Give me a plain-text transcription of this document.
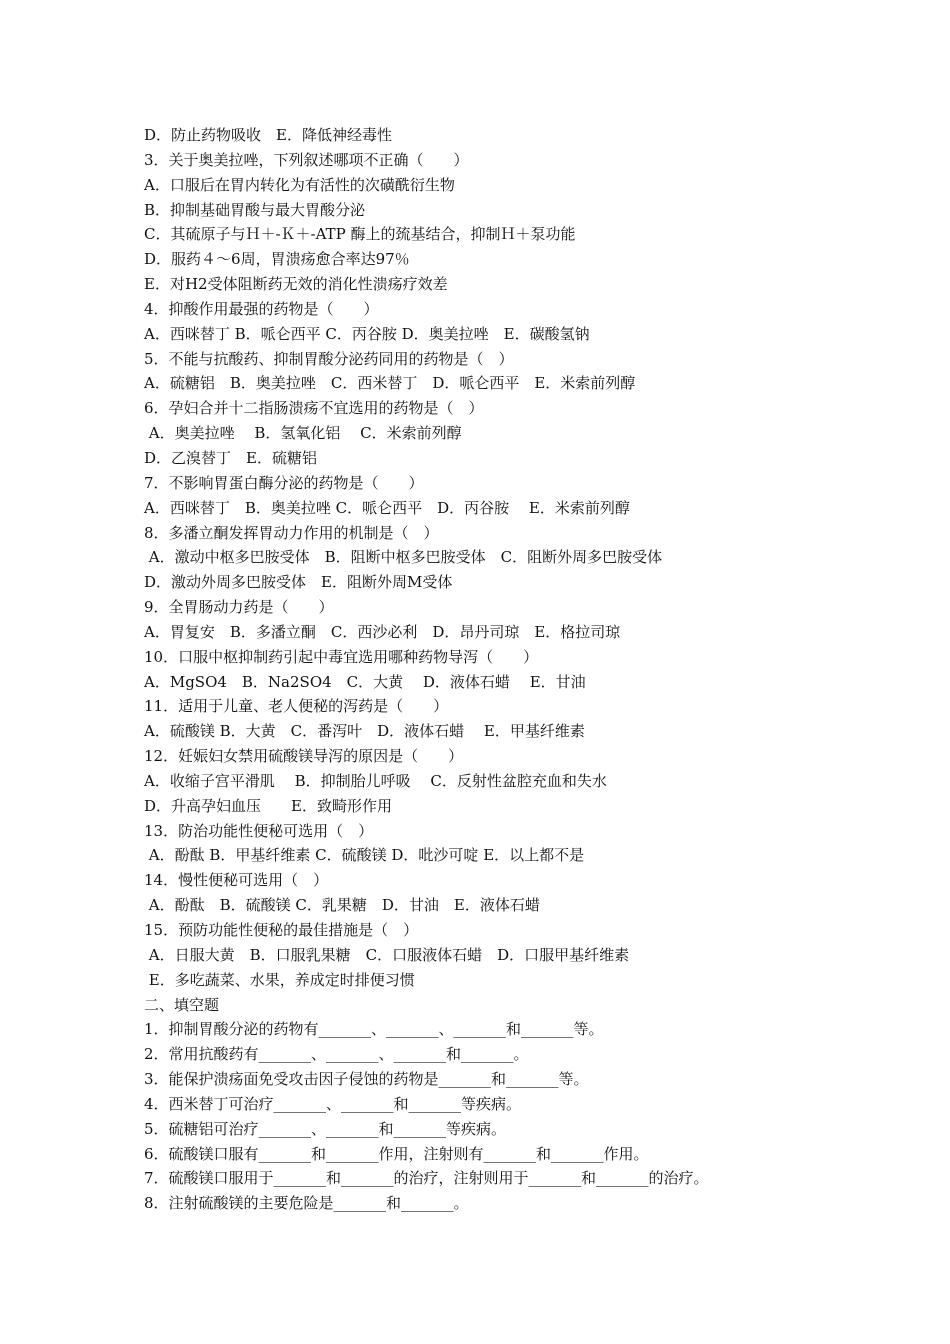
D．防止药物吸收　E．降低神经毒性
3．关于奥美拉唑，下列叙述哪项不正确（　　）
A．口服后在胃内转化为有活性的次磺酰衍生物
B．抑制基础胃酸与最大胃酸分泌
C．其硫原子与Ｈ＋-Ｋ＋-ATP 酶上的巯基结合，抑制Ｈ＋泵功能
D．服药４～6周，胃溃疡愈合率达97％
E．对H2受体阻断药无效的消化性溃疡疗效差
4．抑酸作用最强的药物是（　　）
A．西咪替丁 B．哌仑西平 C．丙谷胺 D．奥美拉唑　E．碳酸氢钠
5．不能与抗酸药、抑制胃酸分泌药同用的药物是（　）
A．硫糖铝　B．奥美拉唑　C．西米替丁　D．哌仑西平　E．米索前列醇
6．孕妇合并十二指肠溃疡不宜选用的药物是（　）
A．奥美拉唑　 B．氢氧化铝　 C．米索前列醇
D．乙溴替丁　E．硫糖铝
7．不影响胃蛋白酶分泌的药物是（　　）
A．西咪替丁　B．奥美拉唑 C．哌仑西平　D．丙谷胺　 E．米索前列醇
8．多潘立酮发挥胃动力作用的机制是（　）
A．激动中枢多巴胺受体　B．阻断中枢多巴胺受体　C．阻断外周多巴胺受体
D．激动外周多巴胺受体　E．阻断外周M受体
9．全胃肠动力药是（　　）
A．胃复安　B．多潘立酮　C．西沙必利　D．昂丹司琼　E．格拉司琼
10．口服中枢抑制药引起中毒宜选用哪种药物导泻（　　）
A．MgSO4　B．Na2SO4　C．大黄　 D．液体石蜡　 E．甘油
11．适用于儿童、老人便秘的泻药是（　　）
A．硫酸镁 B．大黄　C．番泻叶　D．液体石蜡　 E．甲基纤维素
12．妊娠妇女禁用硫酸镁导泻的原因是（　　）
A．收缩子宫平滑肌　 B．抑制胎儿呼吸　 C．反射性盆腔充血和失水
D．升高孕妇血压　　E．致畸形作用
13．防治功能性便秘可选用（　）
A．酚酞 B．甲基纤维素 C．硫酸镁 D．吡沙可啶 E．以上都不是
14．慢性便秘可选用（　）
A．酚酞　B．硫酸镁 C．乳果糖　D．甘油　E．液体石蜡
15．预防功能性便秘的最佳措施是（　）
A．日服大黄　B．口服乳果糖　C．口服液体石蜡　D．口服甲基纤维素
E．多吃蔬菜、水果，养成定时排便习惯
二、填空题
1．抑制胃酸分泌的药物有_______、_______、_______和_______等。
2．常用抗酸药有_______、_______、_______和_______。
3．能保护溃疡面免受攻击因子侵蚀的药物是_______和_______等。
4．西米替丁可治疗_______、_______和_______等疾病。
5．硫糖铝可治疗_______、_______和_______等疾病。
6．硫酸镁口服有_______和_______作用，注射则有_______和_______作用。
7．硫酸镁口服用于_______和_______的治疗，注射则用于_______和_______的治疗。
8．注射硫酸镁的主要危险是_______和_______。
